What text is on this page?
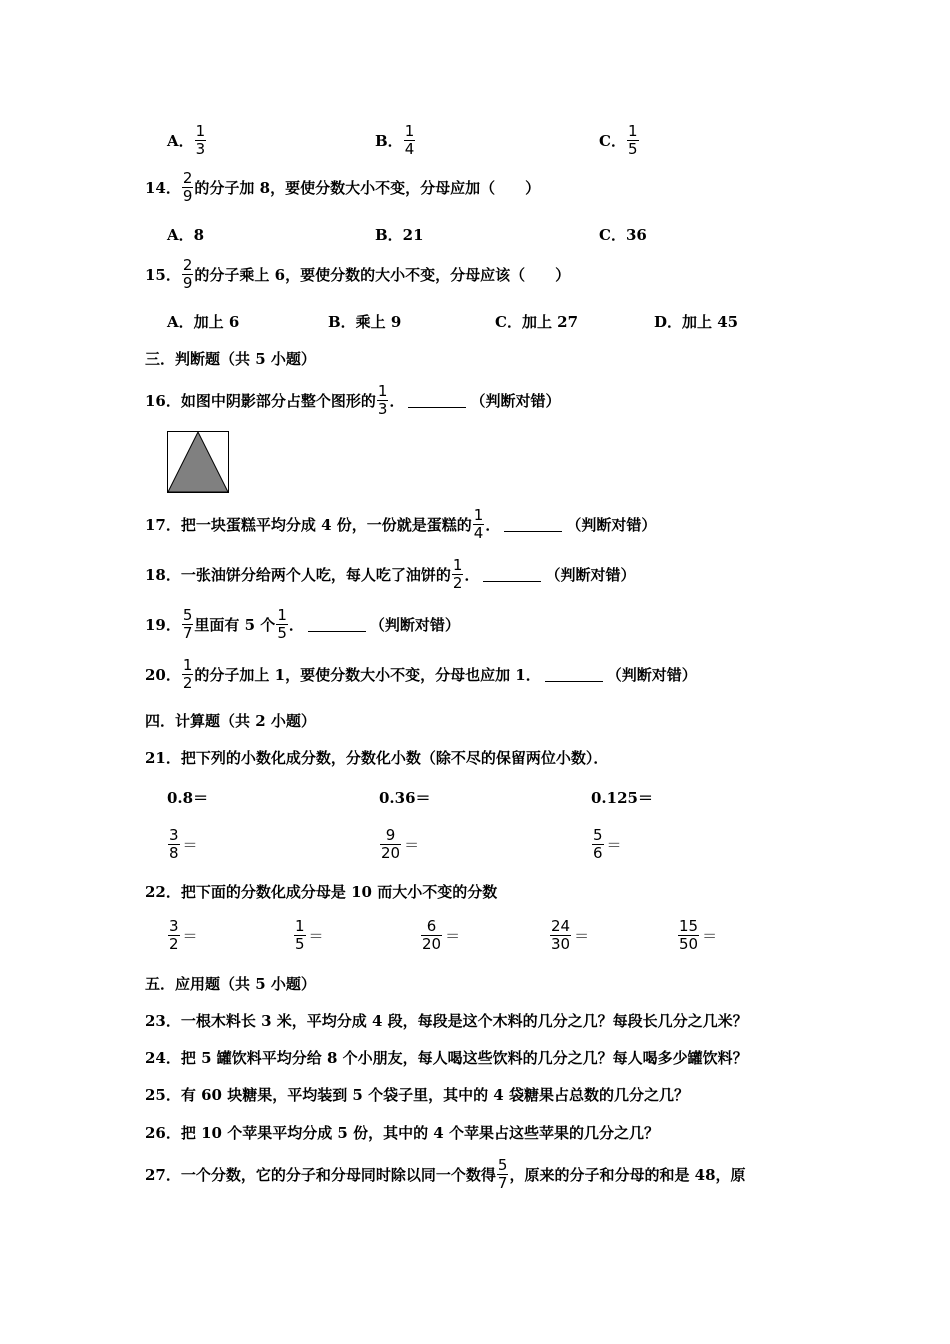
A． $\frac{1}{3}$	B． $\frac{1}{4}$	C． $\frac{1}{5}$
14． $\frac{2}{9}$ 的分子加 8，要使分数大小不变，分母应加（　　）
A．8	B．21	C．36
15． $\frac{2}{9}$ 的分子乘上 6，要使分数的大小不变，分母应该（　　）
A．加上 6	B．乘上 9	C．加上 27	D．加上 45
三．判断题（共 5 小题）
16．如图中阴影部分占整个图形的 $\frac{1}{3}$ ．	（判断对错）
17．把一块蛋糕平均分成 4 份，一份就是蛋糕的 $\frac{1}{4}$ ．	（判断对错）
18．一张油饼分给两个人吃，每人吃了油饼的 $\frac{1}{2}$ ．	（判断对错）
19． $\frac{5}{7}$ 里面有 5 个 $\frac{1}{5}$ ．	（判断对错）
20． $\frac{1}{2}$ 的分子加上 1，要使分数大小不变，分母也应加 1．	（判断对错）
四．计算题（共 2 小题）
21．把下列的小数化成分数，分数化小数（除不尽的保留两位小数）．
0.8＝	0.36＝	0.125＝
$\frac{3}{8}$ ＝	$\frac{9}{20}$ ＝	$\frac{5}{6}$ ＝
22．把下面的分数化成分母是 10 而大小不变的分数
$\frac{3}{2}$ ＝	$\frac{1}{5}$ ＝	$\frac{6}{20}$ ＝	$\frac{24}{30}$ ＝	$\frac{15}{50}$ ＝
五．应用题（共 5 小题）
23．一根木料长 3 米，平均分成 4 段，每段是这个木料的几分之几？每段长几分之几米？
24．把 5 罐饮料平均分给 8 个小朋友，每人喝这些饮料的几分之几？每人喝多少罐饮料？
25．有 60 块糖果，平均装到 5 个袋子里，其中的 4 袋糖果占总数的几分之几？
26．把 10 个苹果平均分成 5 份，其中的 4 个苹果占这些苹果的几分之几？
27．一个分数，它的分子和分母同时除以同一个数得 $\frac{5}{7}$ ，原来的分子和分母的和是 48，原
